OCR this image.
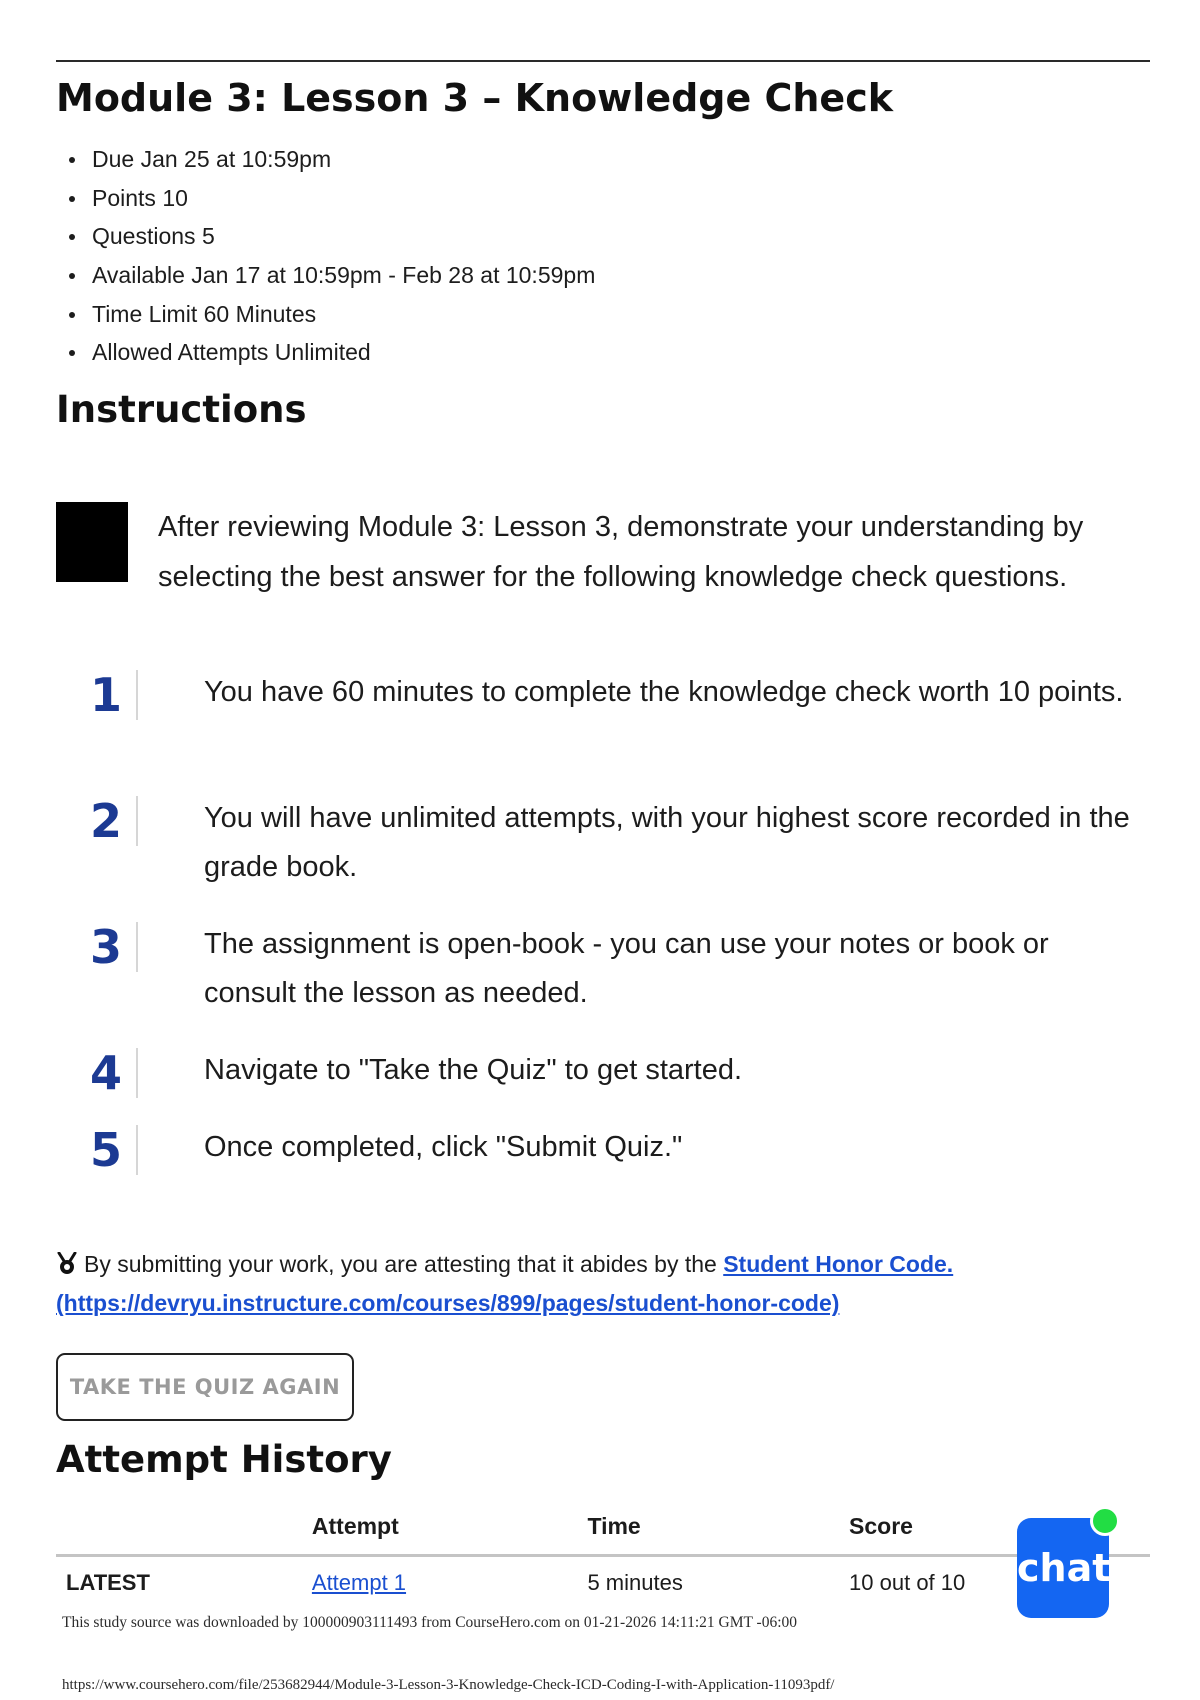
Module 3: Lesson 3 – Knowledge Check
Due Jan 25 at 10:59pm
Points 10
Questions 5
Available Jan 17 at 10:59pm - Feb 28 at 10:59pm
Time Limit 60 Minutes
Allowed Attempts Unlimited
Instructions

After reviewing Module 3: Lesson 3, demonstrate your understanding by selecting the best answer for the following knowledge check questions.

1	You have 60 minutes to complete the knowledge check worth 10 points.

2	You will have unlimited attempts, with your highest score recorded in the grade book.

3	The assignment is open-book - you can use your notes or book or consult the lesson as needed.

4	Navigate to "Take the Quiz" to get started.

5	Once completed, click "Submit Quiz."

By submitting your work, you are attesting that it abides by the Student Honor Code.
(https://devryu.instructure.com/courses/899/pages/student-honor-code)
TAKE THE QUIZ AGAIN
Attempt History
	Attempt	Time	Score
LATEST	Attempt 1	5 minutes	10 out of 10 chat
This study source was downloaded by 100000903111493 from CourseHero.com on 01-21-2026 14:11:21 GMT -06:00
https://www.coursehero.com/file/253682944/Module-3-Lesson-3-Knowledge-Check-ICD-Coding-I-with-Application-11093pdf/
